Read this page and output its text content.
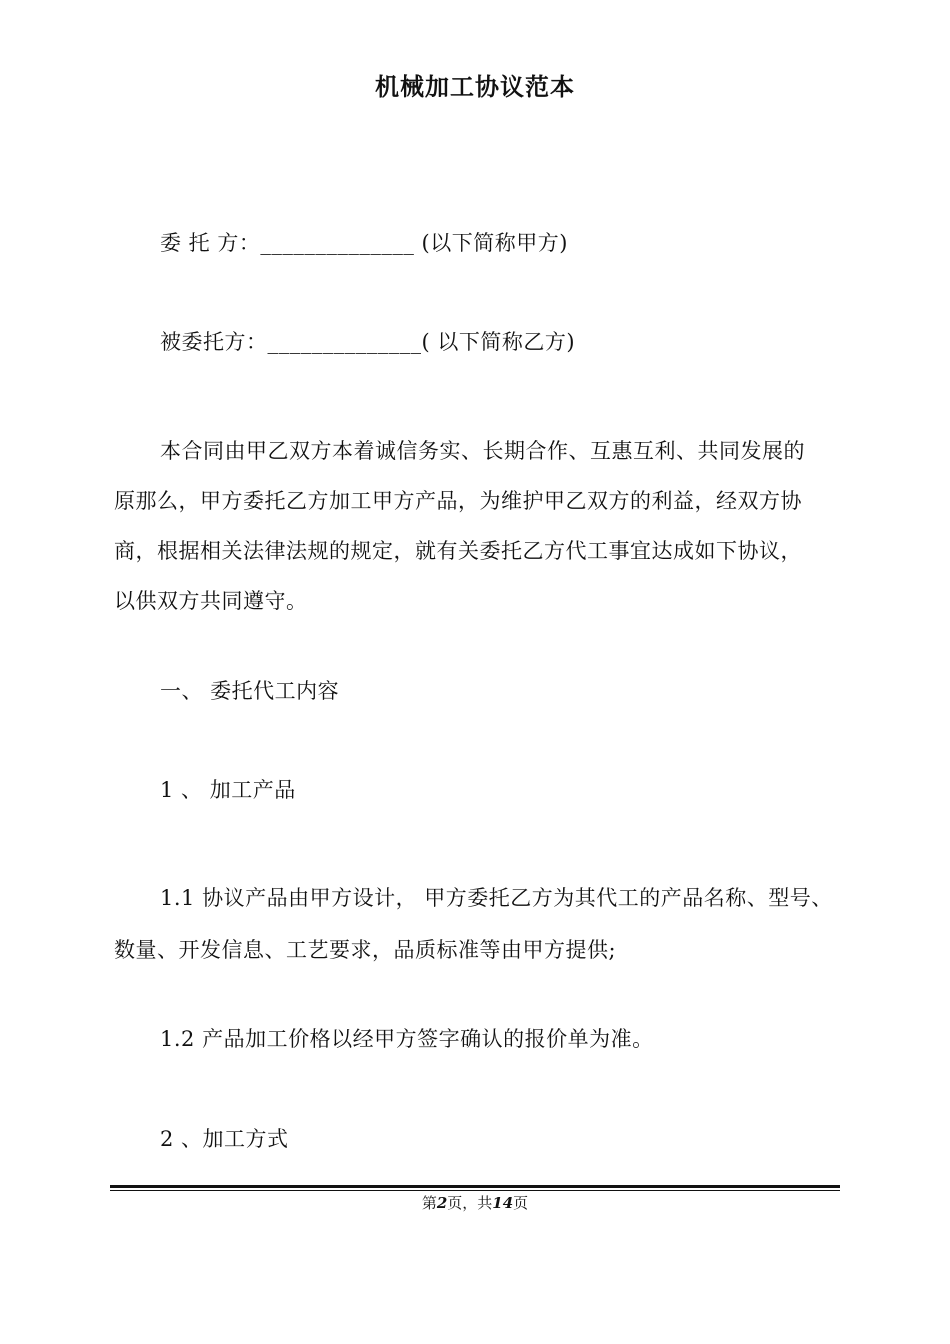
机械加工协议范本
委 托 方：______________ (以下简称甲方)
被委托方：______________( 以下简称乙方)
本合同由甲乙双方本着诚信务实、长期合作、互惠互利、共同发展的
原那么，甲方委托乙方加工甲方产品，为维护甲乙双方的利益，经双方协
商，根据相关法律法规的规定，就有关委托乙方代工事宜达成如下协议，
以供双方共同遵守。
一、 委托代工内容
1 、 加工产品
1.1 协议产品由甲方设计， 甲方委托乙方为其代工的产品名称、型号、
数量、开发信息、工艺要求，品质标准等由甲方提供;
1.2 产品加工价格以经甲方签字确认的报价单为准。
2 、加工方式
第2页，共14页
